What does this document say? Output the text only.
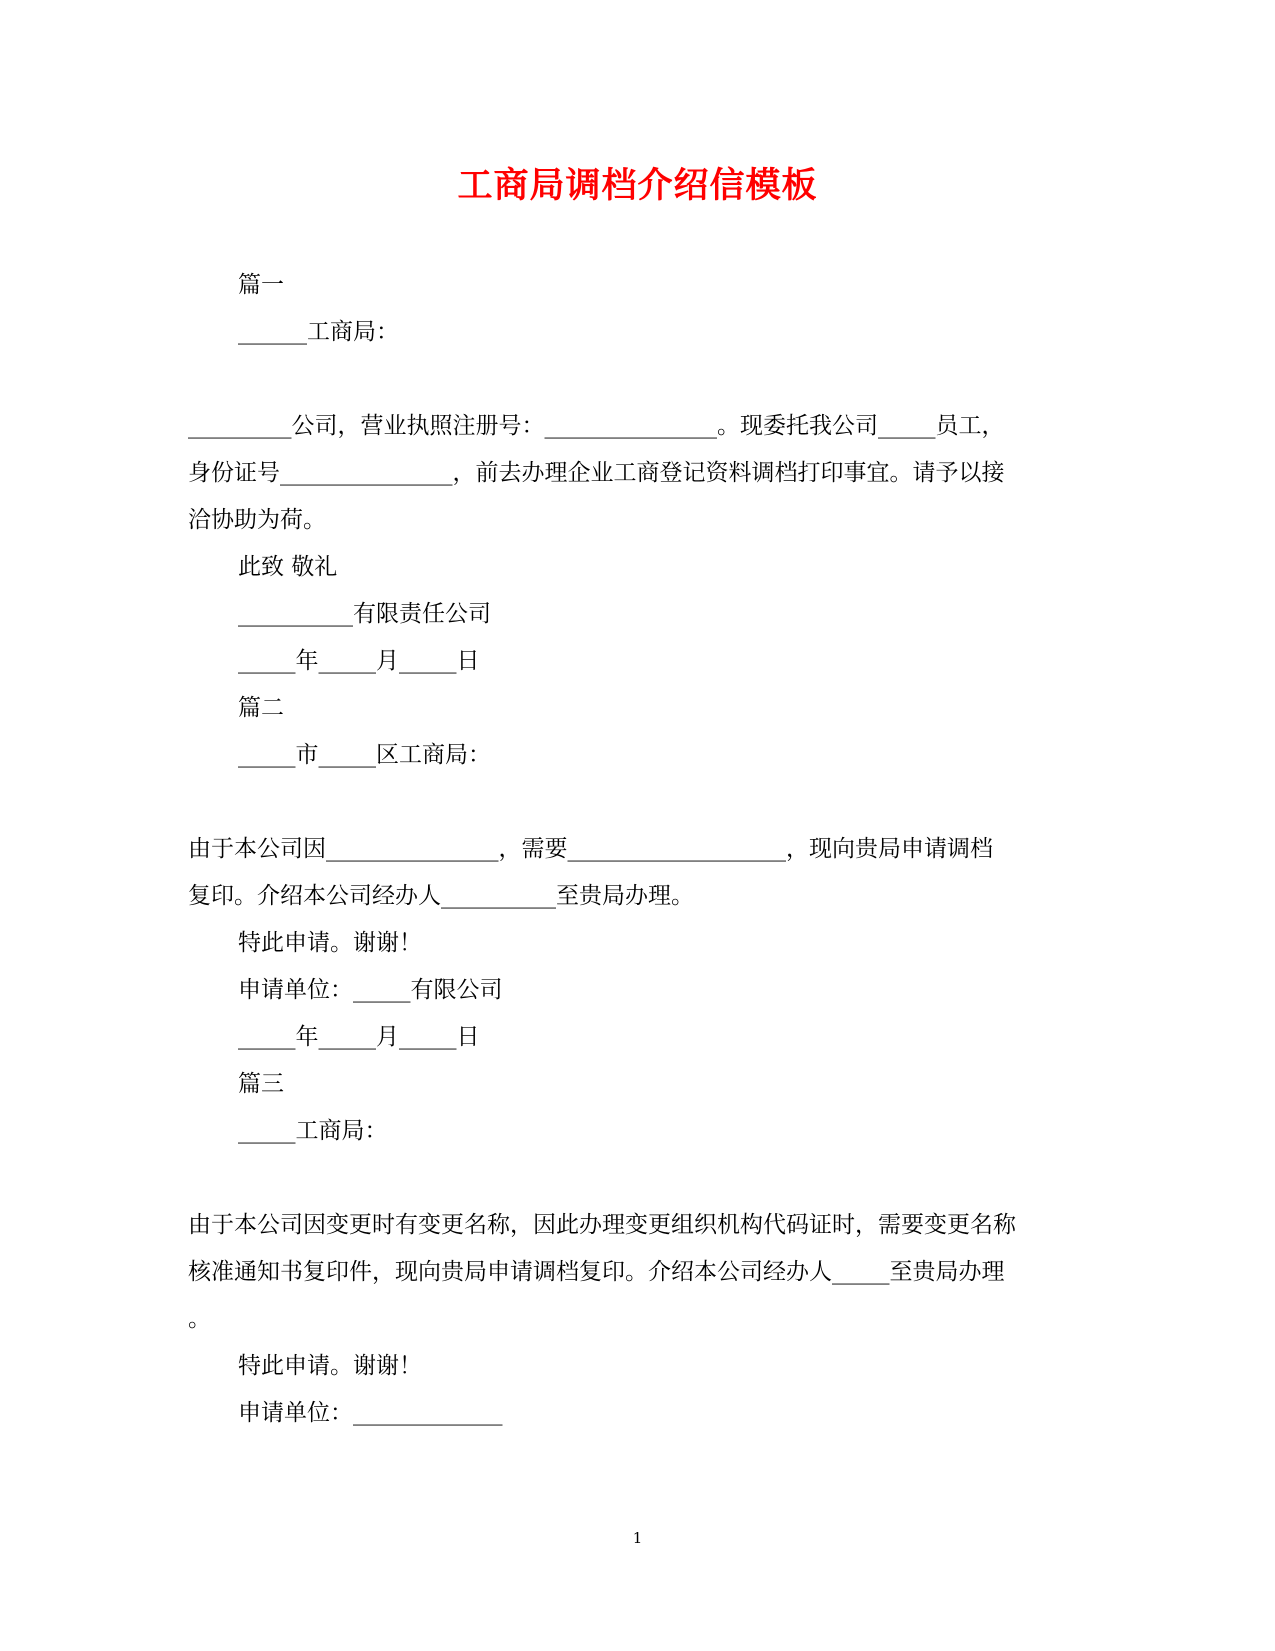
工商局调档介绍信模板
篇一
______工商局：
_________公司，营业执照注册号：_______________。现委托我公司_____员工，
身份证号_______________，前去办理企业工商登记资料调档打印事宜。请予以接
洽协助为荷。
此致 敬礼
__________有限责任公司
_____年_____月_____日
篇二
_____市_____区工商局：
由于本公司因_______________，需要___________________，现向贵局申请调档
复印。介绍本公司经办人__________至贵局办理。
特此申请。谢谢！
申请单位：_____有限公司
_____年_____月_____日
篇三
_____工商局：
由于本公司因变更时有变更名称，因此办理变更组织机构代码证时，需要变更名称
核准通知书复印件，现向贵局申请调档复印。介绍本公司经办人_____至贵局办理
。
特此申请。谢谢！
申请单位：_____________
1
